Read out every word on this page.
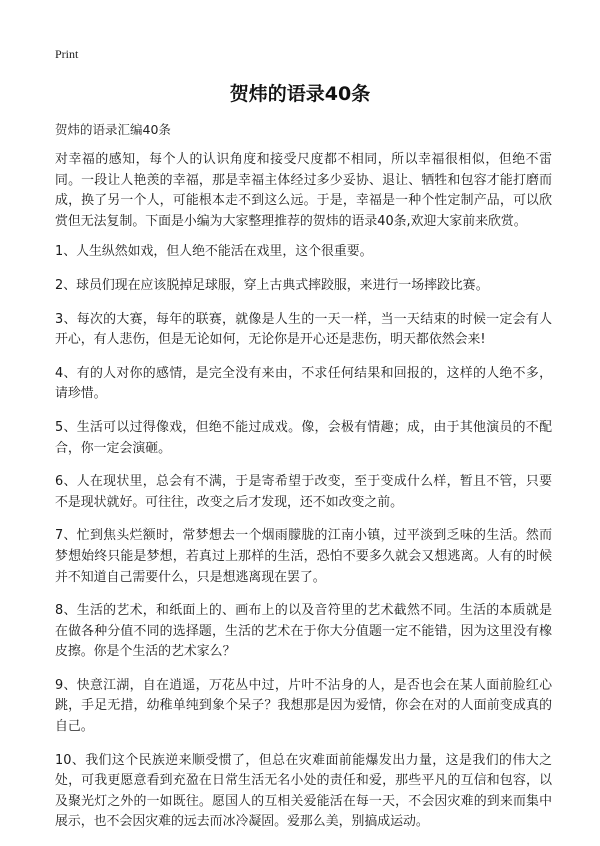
Print
贺炜的语录40条
贺炜的语录汇编40条

对幸福的感知，每个人的认识角度和接受尺度都不相同，所以幸福很相似，但绝不雷同。一段让人艳羡的幸福，那是幸福主体经过多少妥协、退让、牺牲和包容才能打磨而成，换了另一个人，可能根本走不到这么远。于是，幸福是一种个性定制产品，可以欣赏但无法复制。下面是小编为大家整理推荐的贺炜的语录40条,欢迎大家前来欣赏。

1、人生纵然如戏，但人绝不能活在戏里，这个很重要。

2、球员们现在应该脱掉足球服，穿上古典式摔跤服，来进行一场摔跤比赛。

3、每次的大赛，每年的联赛，就像是人生的一天一样，当一天结束的时候一定会有人开心，有人悲伤，但是无论如何，无论你是开心还是悲伤，明天都依然会来!

4、有的人对你的感情，是完全没有来由，不求任何结果和回报的，这样的人绝不多，请珍惜。

5、生活可以过得像戏，但绝不能过成戏。像，会极有情趣；成，由于其他演员的不配合，你一定会演砸。

6、人在现状里，总会有不满，于是寄希望于改变，至于变成什么样，暂且不管，只要不是现状就好。可往往，改变之后才发现，还不如改变之前。

7、忙到焦头烂额时，常梦想去一个烟雨朦胧的江南小镇，过平淡到乏味的生活。然而梦想始终只能是梦想，若真过上那样的生活，恐怕不要多久就会又想逃离。人有的时候并不知道自己需要什么，只是想逃离现在罢了。

8、生活的艺术，和纸面上的、画布上的以及音符里的艺术截然不同。生活的本质就是在做各种分值不同的选择题，生活的艺术在于你大分值题一定不能错，因为这里没有橡皮擦。你是个生活的艺术家么？

9、快意江湖，自在逍遥，万花丛中过，片叶不沾身的人，是否也会在某人面前脸红心跳，手足无措，幼稚单纯到象个呆子？我想那是因为爱情，你会在对的人面前变成真的自己。

10、我们这个民族逆来顺受惯了，但总在灾难面前能爆发出力量，这是我们的伟大之处，可我更愿意看到充盈在日常生活无名小处的责任和爱，那些平凡的互信和包容，以及聚光灯之外的一如既往。愿国人的互相关爱能活在每一天，不会因灾难的到来而集中展示，也不会因灾难的远去而冰冷凝固。爱那么美，别搞成运动。
